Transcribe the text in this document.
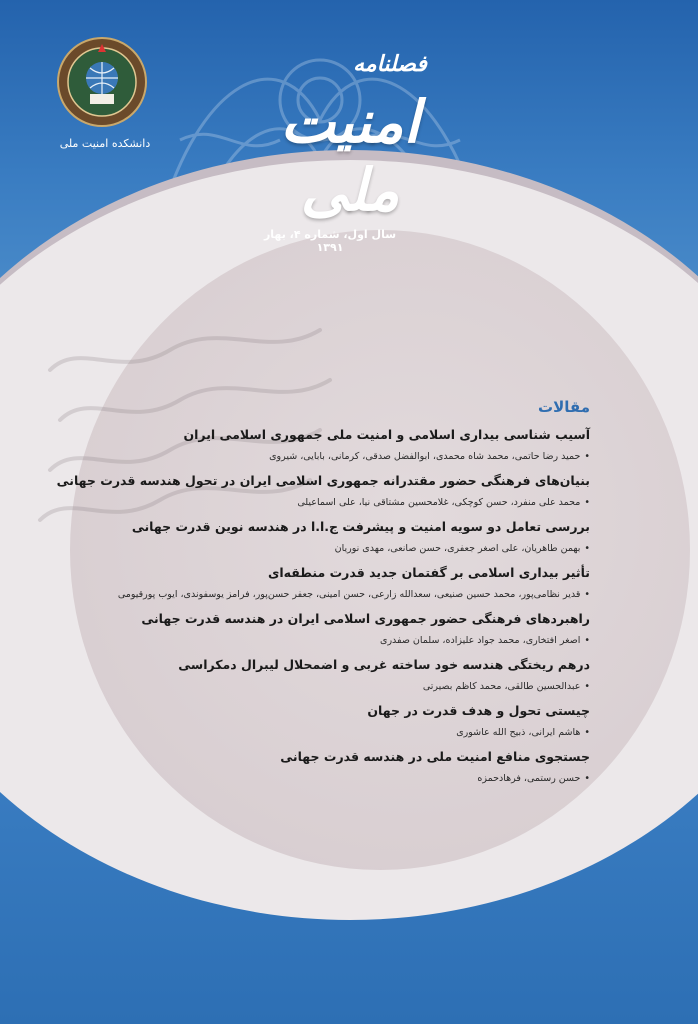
دانشکده امنیت ملی
فصلنامه
امنیت ملی
سال اول، شماره ۴، بهار ۱۳۹۱
مقالات
آسیب شناسی بیداری اسلامی و امنیت ملی جمهوری اسلامی ایران
•حمید رضا حاتمی، محمد شاه محمدی، ابوالفضل صدقی، کرمانی، بابایی، شیروی
بنیان‌های فرهنگی حضور مقتدرانه جمهوری اسلامی ایران در تحول هندسه قدرت جهانی
•محمد علی منفرد، حسن کوچکی، غلامحسین مشتاقی نیا، علی اسماعیلی
بررسی تعامل دو سویه امنیت و پیشرفت ج.ا.ا در هندسه نوین قدرت جهانی
•بهمن طاهریان، علی اصغر جعفری، حسن صانعی، مهدی نوریان
تأثیر بیداری اسلامی بر گفتمان جدید قدرت منطقه‌ای
•قدیر نظامی‌پور، محمد حسین صنیعی، سعدالله زارعی، حسن امینی، جعفر حسن‌پور، فرامز یوسفوندی، ایوب پورقیومی
راهبردهای فرهنگی حضور جمهوری اسلامی ایران در هندسه قدرت جهانی
•اصغر افتخاری، محمد جواد علیزاده، سلمان صفدری
درهم ریختگی هندسه خود ساخته غربی و اضمحلال لیبرال دمکراسی
•عبدالحسین طالقی، محمد کاظم بصیرتی
چیستی تحول و هدف قدرت در جهان
•هاشم ایرانی، ذبیح الله عاشوری
جستجوی منافع امنیت ملی در هندسه قدرت جهانی
•حسن رستمی، فرهادحمزه
